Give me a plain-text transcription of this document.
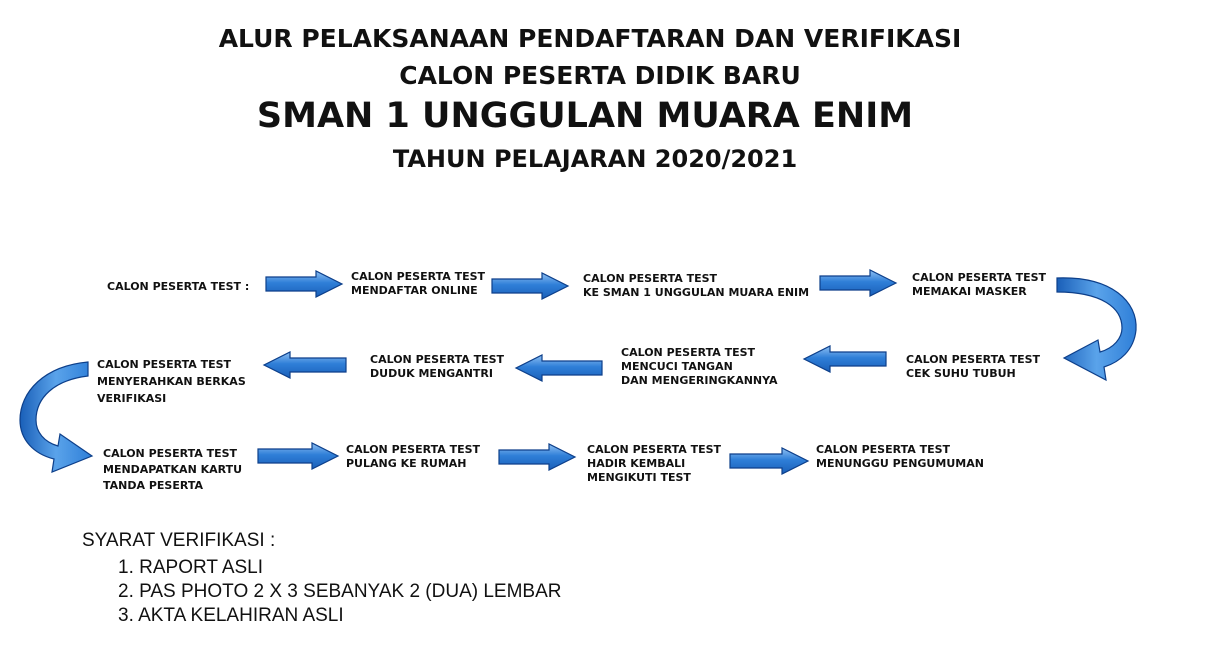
ALUR PELAKSANAAN PENDAFTARAN DAN VERIFIKASI
CALON PESERTA DIDIK BARU
SMAN 1 UNGGULAN MUARA ENIM
TAHUN PELAJARAN 2020/2021
CALON PESERTA TEST :
CALON PESERTA TEST
MENDAFTAR ONLINE
CALON PESERTA TEST
KE SMAN 1 UNGGULAN MUARA ENIM
CALON PESERTA TEST
MEMAKAI MASKER
CALON PESERTA TEST
CEK SUHU TUBUH
CALON PESERTA TEST
MENCUCI TANGAN
DAN MENGERINGKANNYA
CALON PESERTA TEST
DUDUK MENGANTRI
CALON PESERTA TEST
MENYERAHKAN BERKAS
VERIFIKASI
CALON PESERTA TEST
MENDAPATKAN KARTU
TANDA PESERTA
CALON PESERTA TEST
PULANG KE RUMAH
CALON PESERTA TEST
HADIR KEMBALI
MENGIKUTI TEST
CALON PESERTA TEST
MENUNGGU PENGUMUMAN
SYARAT VERIFIKASI :
1. RAPORT ASLI
2. PAS PHOTO 2 X 3 SEBANYAK 2 (DUA) LEMBAR
3. AKTA KELAHIRAN ASLI
